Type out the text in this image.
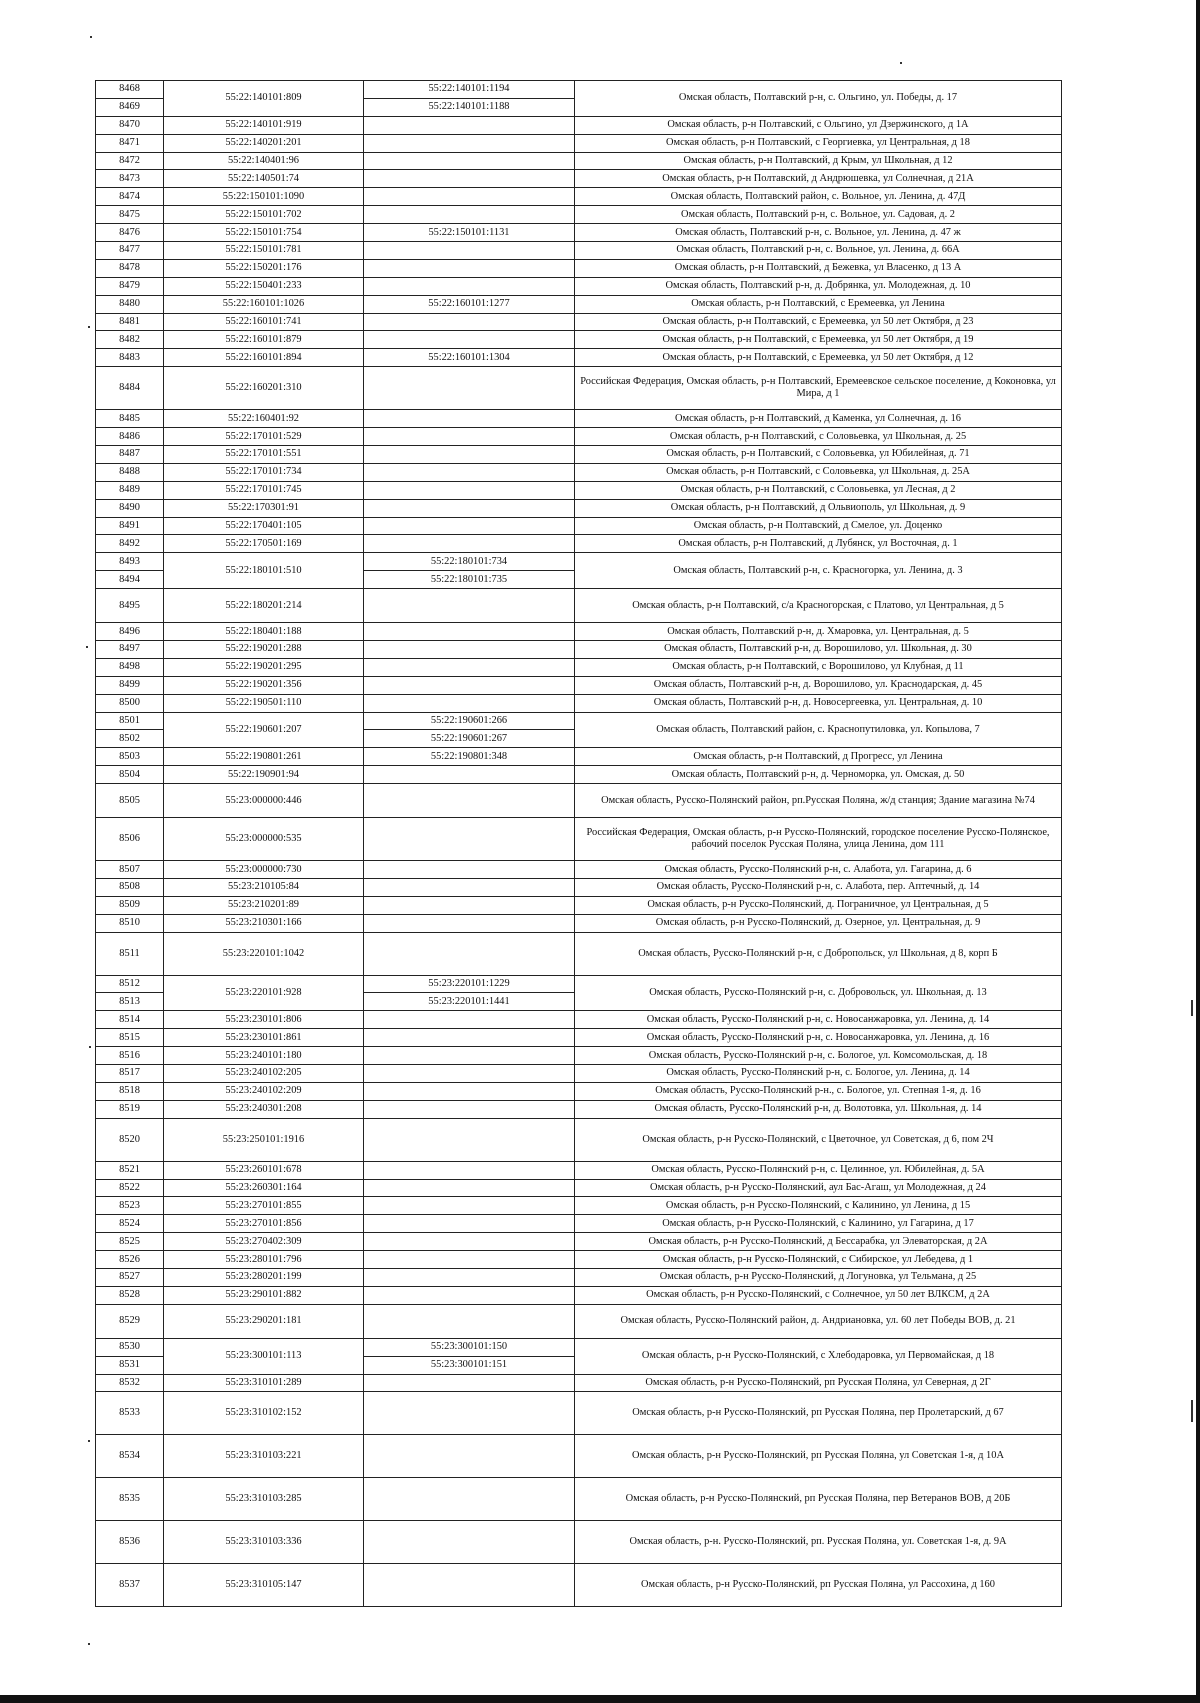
8468	55:22:140101:809	55:22:140101:1194	Омская область, Полтавский р-н, с. Ольгино, ул. Победы, д. 17
8469		55:22:140101:1188	
8470	55:22:140101:919		Омская область, р-н Полтавский, с Ольгино, ул Дзержинского, д 1А
8471	55:22:140201:201		Омская область, р-н Полтавский, с Георгиевка, ул Центральная, д 18
8472	55:22:140401:96		Омская область, р-н Полтавский, д Крым, ул Школьная, д 12
8473	55:22:140501:74		Омская область, р-н Полтавский, д Андрюшевка, ул Солнечная, д 21А
8474	55:22:150101:1090		Омская область, Полтавский район, с. Вольное, ул. Ленина, д. 47Д
8475	55:22:150101:702		Омская область, Полтавский р-н, с. Вольное, ул. Садовая, д. 2
8476	55:22:150101:754	55:22:150101:1131	Омская область, Полтавский р-н, с. Вольное, ул. Ленина, д. 47 ж
8477	55:22:150101:781		Омская область, Полтавский р-н, с. Вольное, ул. Ленина, д. 66А
8478	55:22:150201:176		Омская область, р-н Полтавский, д Бежевка, ул Власенко, д 13 А
8479	55:22:150401:233		Омская область, Полтавский р-н, д. Добрянка, ул. Молодежная, д. 10
8480	55:22:160101:1026	55:22:160101:1277	Омская область, р-н Полтавский, с Еремеевка, ул Ленина
8481	55:22:160101:741		Омская область, р-н Полтавский, с Еремеевка, ул 50 лет Октября, д 23
8482	55:22:160101:879		Омская область, р-н Полтавский, с Еремеевка, ул 50 лет Октября, д 19
8483	55:22:160101:894	55:22:160101:1304	Омская область, р-н Полтавский, с Еремеевка, ул 50 лет Октября, д 12
8484	55:22:160201:310		Российская Федерация, Омская область, р-н Полтавский, Еремеевское сельское поселение, д Коконовка, ул Мира, д 1
8485	55:22:160401:92		Омская область, р-н Полтавский, д Каменка, ул Солнечная, д. 16
8486	55:22:170101:529		Омская область, р-н Полтавский, с Соловьевка, ул Школьная, д. 25
8487	55:22:170101:551		Омская область, р-н Полтавский, с Соловьевка, ул Юбилейная, д. 71
8488	55:22:170101:734		Омская область, р-н Полтавский, с Соловьевка, ул Школьная, д. 25А
8489	55:22:170101:745		Омская область, р-н Полтавский, с Соловьевка, ул Лесная, д 2
8490	55:22:170301:91		Омская область, р-н Полтавский, д Ольвиополь, ул Школьная, д. 9
8491	55:22:170401:105		Омская область, р-н Полтавский, д Смелое, ул. Доценко
8492	55:22:170501:169		Омская область, р-н Полтавский, д Лубянск, ул Восточная, д. 1
8493	55:22:180101:510	55:22:180101:734	Омская область, Полтавский р-н, с. Красногорка, ул. Ленина, д. 3
8494		55:22:180101:735	
8495	55:22:180201:214		Омская область, р-н Полтавский, с/а Красногорская, с Платово, ул Центральная, д 5
8496	55:22:180401:188		Омская область, Полтавский р-н, д. Хмаровка, ул. Центральная, д. 5
8497	55:22:190201:288		Омская область, Полтавский р-н, д. Ворошилово, ул. Школьная, д. 30
8498	55:22:190201:295		Омская область, р-н Полтавский, с Ворошилово, ул Клубная, д 11
8499	55:22:190201:356		Омская область, Полтавский р-н, д. Ворошилово, ул. Краснодарская, д. 45
8500	55:22:190501:110		Омская область, Полтавский р-н, д. Новосергеевка, ул. Центральная, д. 10
8501	55:22:190601:207	55:22:190601:266	Омская область, Полтавский район, с. Краснопутиловка, ул. Копылова, 7
8502		55:22:190601:267	
8503	55:22:190801:261	55:22:190801:348	Омская область, р-н Полтавский, д Прогресс, ул Ленина
8504	55:22:190901:94		Омская область, Полтавский р-н, д. Черноморка, ул. Омская, д. 50
8505	55:23:000000:446		Омская область, Русско-Полянский район, рп.Русская Поляна, ж/д станция; Здание магазина №74
8506	55:23:000000:535		Российская Федерация, Омская область, р-н Русско-Полянский, городское поселение Русско-Полянское, рабочий поселок Русская Поляна, улица Ленина, дом 111
8507	55:23:000000:730		Омская область, Русско-Полянский р-н, с. Алабота, ул. Гагарина, д. 6
8508	55:23:210105:84		Омская область, Русско-Полянский р-н, с. Алабота, пер. Аптечный, д. 14
8509	55:23:210201:89		Омская область, р-н Русско-Полянский, д. Пограничное, ул Центральная, д 5
8510	55:23:210301:166		Омская область, р-н Русско-Полянский, д. Озерное, ул. Центральная, д. 9
8511	55:23:220101:1042		Омская область, Русско-Полянский р-н, с Добропольск, ул Школьная, д 8, корп Б
8512	55:23:220101:928	55:23:220101:1229	Омская область, Русско-Полянский р-н, с. Добровольск, ул. Школьная, д. 13
8513		55:23:220101:1441	
8514	55:23:230101:806		Омская область, Русско-Полянский р-н, с. Новосанжаровка, ул. Ленина, д. 14
8515	55:23:230101:861		Омская область, Русско-Полянский р-н, с. Новосанжаровка, ул. Ленина, д. 16
8516	55:23:240101:180		Омская область, Русско-Полянский р-н, с. Бологое, ул. Комсомольская, д. 18
8517	55:23:240102:205		Омская область, Русско-Полянский р-н, с. Бологое, ул. Ленина, д. 14
8518	55:23:240102:209		Омская область, Русско-Полянский р-н., с. Бологое, ул. Степная 1-я, д. 16
8519	55:23:240301:208		Омская область, Русско-Полянский р-н, д. Волотовка, ул. Школьная, д. 14
8520	55:23:250101:1916		Омская область, р-н Русско-Полянский, с Цветочное, ул Советская, д 6, пом 2Ч
8521	55:23:260101:678		Омская область, Русско-Полянский р-н, с. Целинное, ул. Юбилейная, д. 5А
8522	55:23:260301:164		Омская область, р-н Русско-Полянский, аул Бас-Агаш, ул Молодежная, д 24
8523	55:23:270101:855		Омская область, р-н Русско-Полянский, с Калинино, ул Ленина, д 15
8524	55:23:270101:856		Омская область, р-н Русско-Полянский, с Калинино, ул Гагарина, д 17
8525	55:23:270402:309		Омская область, р-н Русско-Полянский, д Бессарабка, ул Элеваторская, д 2А
8526	55:23:280101:796		Омская область, р-н Русско-Полянский, с Сибирское, ул Лебедева, д 1
8527	55:23:280201:199		Омская область, р-н Русско-Полянский, д Логуновка, ул Тельмана, д 25
8528	55:23:290101:882		Омская область, р-н Русско-Полянский, с Солнечное, ул 50 лет ВЛКСМ, д 2А
8529	55:23:290201:181		Омская область, Русско-Полянский район, д. Андриановка, ул. 60 лет Победы ВОВ, д. 21
8530	55:23:300101:113	55:23:300101:150	Омская область, р-н Русско-Полянский, с Хлебодаровка, ул Первомайская, д 18
8531		55:23:300101:151	
8532	55:23:310101:289		Омская область, р-н Русско-Полянский, рп Русская Поляна, ул Северная, д 2Г
8533	55:23:310102:152		Омская область, р-н Русско-Полянский, рп Русская Поляна, пер Пролетарский, д 67
8534	55:23:310103:221		Омская область, р-н Русско-Полянский, рп Русская Поляна, ул Советская 1-я, д 10А
8535	55:23:310103:285		Омская область, р-н Русско-Полянский, рп Русская Поляна, пер Ветеранов ВОВ, д 20Б
8536	55:23:310103:336		Омская область, р-н. Русско-Полянский, рп. Русская Поляна, ул. Советская 1-я, д. 9А
8537	55:23:310105:147		Омская область, р-н Русско-Полянский, рп Русская Поляна, ул Рассохина, д 160
